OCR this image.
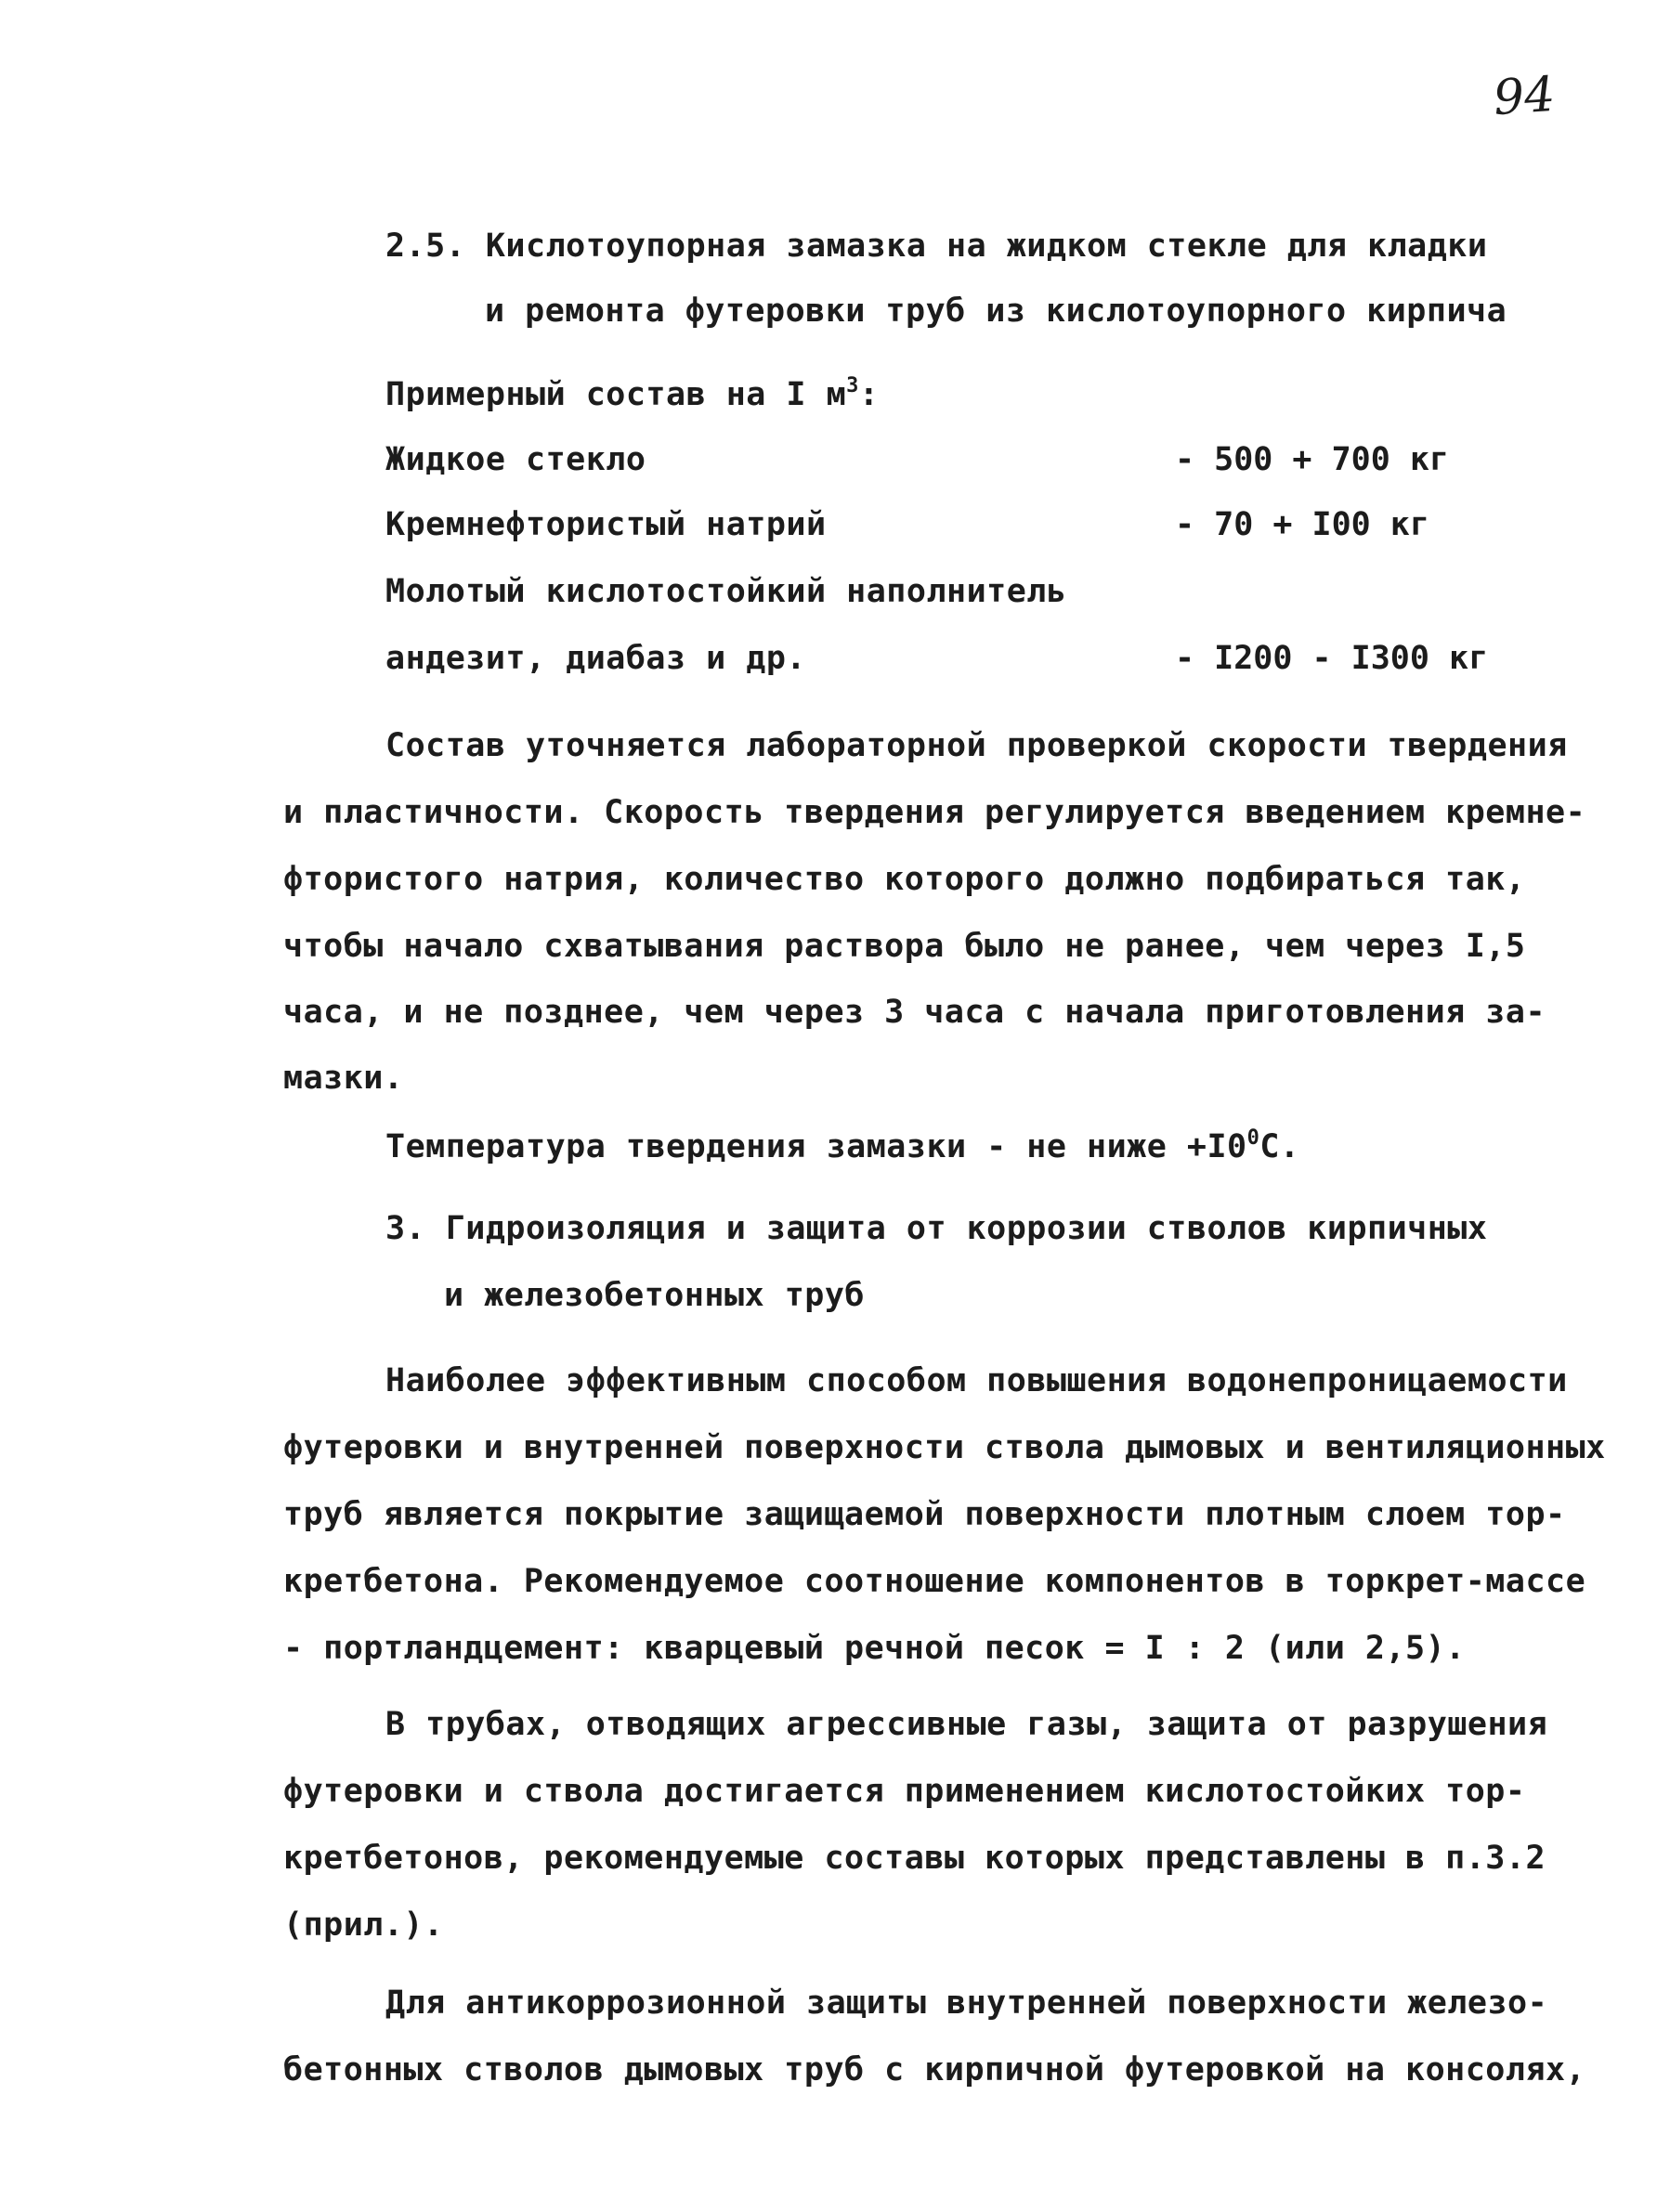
94
2.5. Кислотоупорная замазка на жидком стекле для кладки
и ремонта футеровки труб из кислотоупорного кирпича
Примерный состав на I $м^3$:
Жидкое стекло	- 500 + 700 кг
Кремнефтористый натрий	- 70 + I00 кг
Молотый кислотостойкий наполнитель
андезит, диабаз и др.	- I200 - I300 кг
Состав уточняется лабораторной проверкой скорости твердения
и пластичности. Скорость твердения регулируется введением кремне-
фтористого натрия, количество которого должно подбираться так,
чтобы начало схватывания раствора было не ранее, чем через I,5
часа, и не позднее, чем через 3 часа с начала приготовления за-
мазки.
Температура твердения замазки - не ниже $+I0^0С$.
3. Гидроизоляция и защита от коррозии стволов кирпичных
и железобетонных труб
Наиболее эффективным способом повышения водонепроницаемости
футеровки и внутренней поверхности ствола дымовых и вентиляционных
труб является покрытие защищаемой поверхности плотным слоем тор-
кретбетона. Рекомендуемое соотношение компонентов в торкрет-массе
- портландцемент: кварцевый речной песок = I : 2 (или 2,5).
В трубах, отводящих агрессивные газы, защита от разрушения
футеровки и ствола достигается применением кислотостойких тор-
кретбетонов, рекомендуемые составы которых представлены в п.3.2
(прил.).
Для антикоррозионной защиты внутренней поверхности железо-
бетонных стволов дымовых труб с кирпичной футеровкой на консолях,
